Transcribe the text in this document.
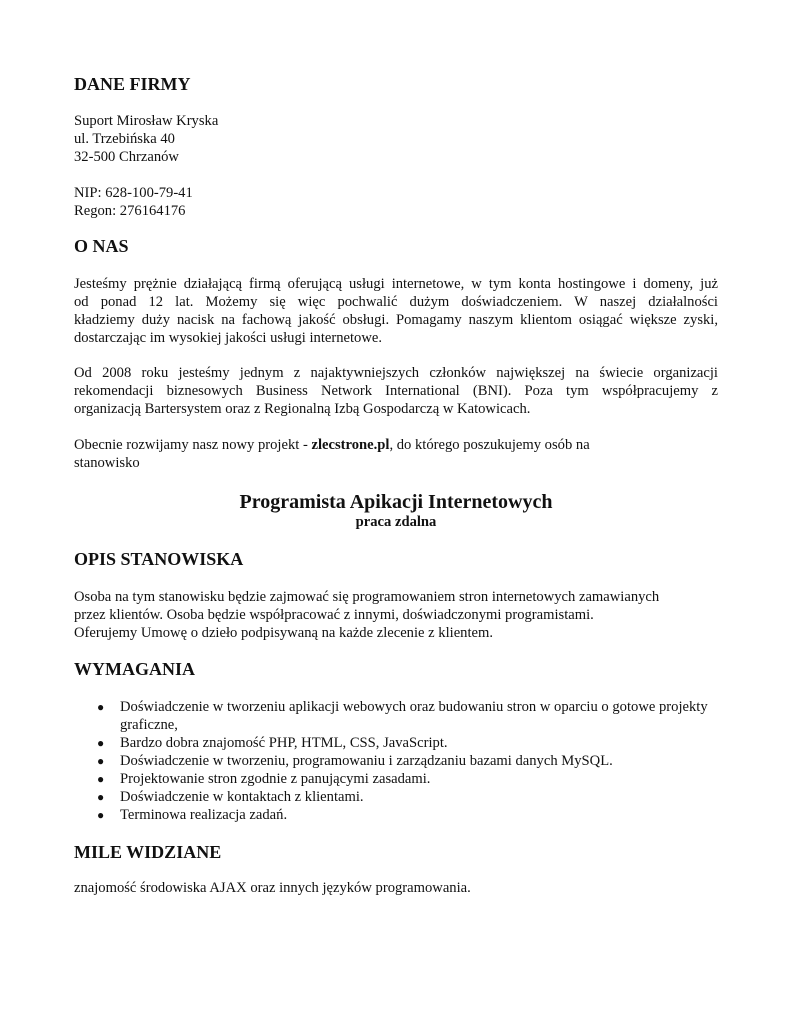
DANE FIRMY
Suport Mirosław Kryska
ul. Trzebińska 40
32-500 Chrzanów
NIP: 628-100-79-41
Regon: 276164176
O NAS
Jesteśmy prężnie działającą firmą oferującą usługi internetowe, w tym konta hostingowe i domeny, już
od ponad 12 lat. Możemy się więc pochwalić dużym doświadczeniem. W naszej działalności
kładziemy duży nacisk na fachową jakość obsługi. Pomagamy naszym klientom osiągać większe zyski,
dostarczając im wysokiej jakości usługi internetowe.
Od 2008 roku jesteśmy jednym z najaktywniejszych członków największej na świecie organizacji
rekomendacji biznesowych Business Network International (BNI). Poza tym współpracujemy z
organizacją Bartersystem oraz z Regionalną Izbą Gospodarczą w Katowicach.
Obecnie rozwijamy nasz nowy projekt - zlecstrone.pl, do którego poszukujemy osób na
stanowisko
Programista Apikacji Internetowych
praca zdalna
OPIS STANOWISKA
Osoba na tym stanowisku będzie zajmować się programowaniem stron internetowych zamawianych
przez klientów. Osoba będzie współpracować z innymi, doświadczonymi programistami.
Oferujemy Umowę o dzieło podpisywaną na każde zlecenie z klientem.
WYMAGANIA
● Doświadczenie w tworzeniu aplikacji webowych oraz budowaniu stron w oparciu o gotowe projekty graficzne,
● Bardzo dobra znajomość PHP, HTML, CSS, JavaScript.
● Doświadczenie w tworzeniu, programowaniu i zarządzaniu bazami danych MySQL.
● Projektowanie stron zgodnie z panującymi zasadami.
● Doświadczenie w kontaktach z klientami.
● Terminowa realizacja zadań.
MILE WIDZIANE
znajomość środowiska AJAX oraz innych języków programowania.
